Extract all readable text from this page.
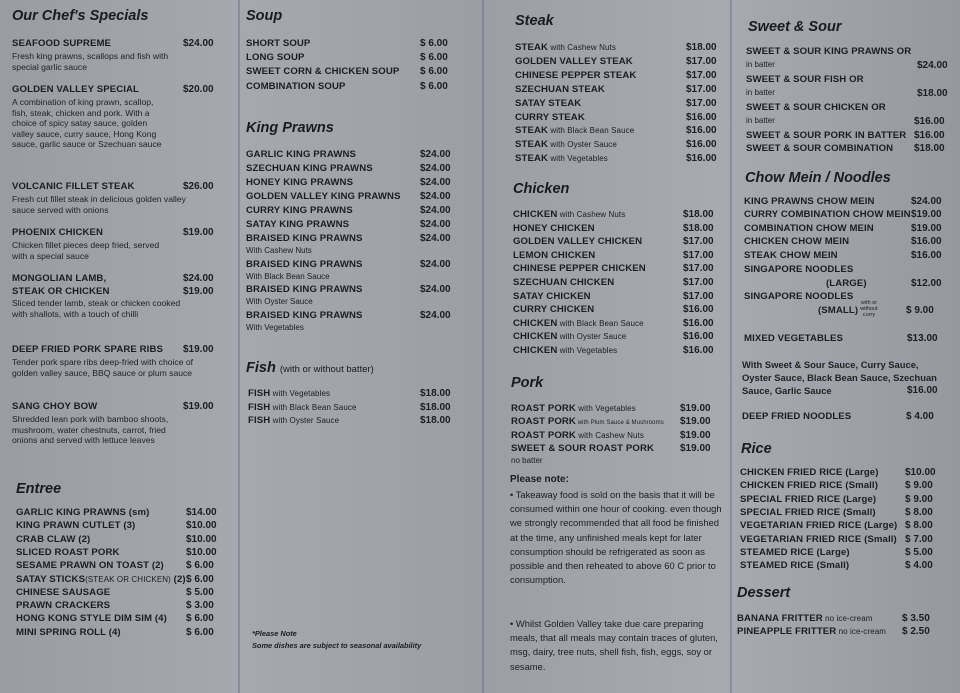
Our Chef's Specials
SEAFOOD SUPREME	$24.00
Fresh king prawns, scallops and fish with special garlic sauce
GOLDEN VALLEY SPECIAL	$20.00
A combination of king prawn, scallop, fish, steak, chicken and pork. With a choice of spicy satay sauce, golden valley sauce, curry sauce, Hong Kong sauce, garlic sauce or Szechuan sauce
VOLCANIC FILLET STEAK	$26.00
Fresh cut fillet steak in delicious golden valley sauce served with onions
PHOENIX CHICKEN	$19.00
Chicken fillet pieces deep fried, served with a special sauce
MONGOLIAN LAMB,	$24.00
STEAK OR CHICKEN	$19.00
Sliced tender lamb, steak or chicken cooked with shallots, with a touch of chilli
DEEP FRIED PORK SPARE RIBS $19.00
Tender pork spare ribs deep-fried with choice of golden valley sauce, BBQ sauce or plum sauce
SANG CHOY BOW	$19.00
Shredded lean pork with bamboo shoots, mushroom, water chestnuts, carrot, fried onions and served with lettuce leaves
Entree
Soup
King Prawns
Fish (with or without batter)
*Please Note
Some dishes are subject to seasonal availability
Steak
Chicken
Pork
no batter
Please note:
• Takeaway food is sold on the basis that it will be consumed within one hour of cooking. even though we strongly recommended that all food be finished at the time, any unfinished meals kept for later consumption should be refrigerated as soon as possible and then reheated to above 60 C prior to consumption.
• Whilst Golden Valley take due care preparing meals, that all meals may contain traces of gluten, msg, dairy, tree nuts, shell fish, fish, eggs, soy or sesame.
Sweet & Sour
SWEET & SOUR KING PRAWNS OR
in batter	$24.00
SWEET & SOUR FISH OR
in batter	$18.00
SWEET & SOUR CHICKEN OR
in batter	$16.00
SWEET & SOUR PORK IN BATTER $16.00
SWEET & SOUR COMBINATION $18.00
Chow Mein / Noodles
KING PRAWNS CHOW MEIN	$24.00
CURRY COMBINATION CHOW MEIN $19.00
COMBINATION CHOW MEIN	$19.00
CHICKEN CHOW MEIN	$16.00
STEAK CHOW MEIN	$16.00
SINGAPORE NOODLES
(LARGE)	$12.00
SINGAPORE NOODLES
(SMALL)
with or without curry	$ 9.00
MIXED VEGETABLES	$13.00
With Sweet & Sour Sauce, Curry Sauce, Oyster Sauce, Black Bean Sauce, Szechuan Sauce, Garlic Sauce	$16.00
DEEP FRIED NOODLES	$ 4.00
Rice
Dessert
GARLIC KING PRAWNS (sm)	$14.00
KING PRAWN CUTLET (3)	$10.00
CRAB CLAW (2)	$10.00
SLICED ROAST PORK	$10.00
SESAME PRAWN ON TOAST (2) $ 6.00
SATAY STICKS(STEAK OR CHICKEN) (2) $ 6.00
CHINESE SAUSAGE	$ 5.00
PRAWN CRACKERS	$ 3.00
HONG KONG STYLE DIM SIM (4) $ 6.00
MINI SPRING ROLL (4)	$ 6.00
SHORT SOUP	$ 6.00
LONG SOUP	$ 6.00
SWEET CORN & CHICKEN SOUP $ 6.00
COMBINATION SOUP	$ 6.00
GARLIC KING PRAWNS	$24.00
SZECHUAN KING PRAWNS	$24.00
HONEY KING PRAWNS	$24.00
GOLDEN VALLEY KING PRAWNS $24.00
CURRY KING PRAWNS	$24.00
SATAY KING PRAWNS	$24.00
BRAISED KING PRAWNS	$24.00
With Cashew Nuts
BRAISED KING PRAWNS	$24.00
With Black Bean Sauce
BRAISED KING PRAWNS	$24.00
With Oyster Sauce
BRAISED KING PRAWNS	$24.00
With Vegetables
FISH with Vegetables	$18.00
FISH with Black Bean Sauce	$18.00
FISH with Oyster Sauce	$18.00
STEAK with Cashew Nuts	$18.00
GOLDEN VALLEY STEAK	$17.00
CHINESE PEPPER STEAK	$17.00
SZECHUAN STEAK	$17.00
SATAY STEAK	$17.00
CURRY STEAK	$16.00
STEAK with Black Bean Sauce	$16.00
STEAK with Oyster Sauce	$16.00
STEAK with Vegetables	$16.00
CHICKEN with Cashew Nuts	$18.00
HONEY CHICKEN	$18.00
GOLDEN VALLEY CHICKEN	$17.00
LEMON CHICKEN	$17.00
CHINESE PEPPER CHICKEN	$17.00
SZECHUAN CHICKEN	$17.00
SATAY CHICKEN	$17.00
CURRY CHICKEN	$16.00
CHICKEN with Black Bean Sauce	$16.00
CHICKEN with Oyster Sauce	$16.00
CHICKEN with Vegetables	$16.00
ROAST PORK with Vegetables	$19.00
ROAST PORK with Plum Sauce & Mushrooms $19.00
ROAST PORK with Cashew Nuts	$19.00
SWEET & SOUR ROAST PORK	$19.00
CHICKEN FRIED RICE (Large)	$10.00
CHICKEN FRIED RICE (Small)	$ 9.00
SPECIAL FRIED RICE (Large)	$ 9.00
SPECIAL FRIED RICE (Small)	$ 8.00
VEGETARIAN FRIED RICE (Large) $ 8.00
VEGETARIAN FRIED RICE (Small) $ 7.00
STEAMED RICE (Large)	$ 5.00
STEAMED RICE (Small)	$ 4.00
BANANA FRITTER no ice-cream	$ 3.50
PINEAPPLE FRITTER no ice-cream $ 2.50
